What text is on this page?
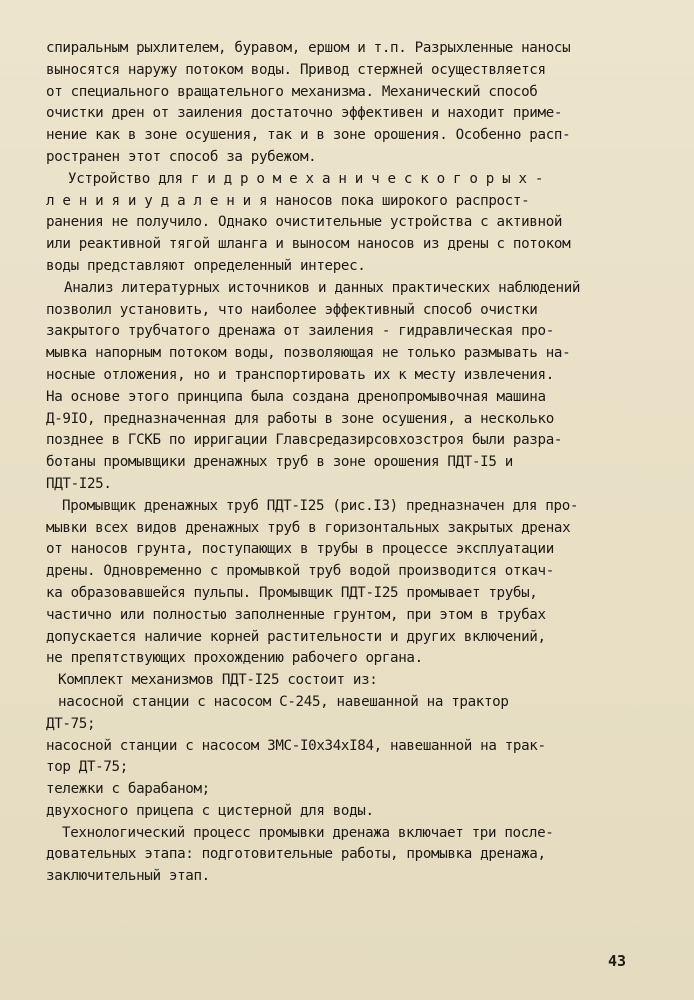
спиральным рыхлителем, буравом, ершом и т.п. Разрыхленные наносы
выносятся наружу потоком воды. Привод стержней осуществляется
от специального вращательного механизма. Механический способ
очистки дрен от заиления достаточно эффективен и находит приме-
нение как в зоне осушения, так и в зоне орошения. Особенно расп-
ространен этот способ за рубежом.
Устройство для г и д р о м е х а н и ч е с к о г о р ы х -
л е н и я и у д а л е н и я наносов пока широкого распрост-
ранения не получило. Однако очистительные устройства с активной
или реактивной тягой шланга и выносом наносов из дрены с потоком
воды представляют определенный интерес.
Анализ литературных источников и данных практических наблюдений
позволил установить, что наиболее эффективный способ очистки
закрытого трубчатого дренажа от заиления - гидравлическая про-
мывка напорным потоком воды, позволяющая не только размывать на-
носные отложения, но и транспортировать их к месту извлечения.
На основе этого принципа была создана дренопромывочная машина
Д-9IO, предназначенная для работы в зоне осушения, а несколько
позднее в ГСКБ по ирригации Главсредазирсовхозстроя были разра-
ботаны промывщики дренажных труб в зоне орошения ПДТ-I5 и
ПДТ-I25.
Промывщик дренажных труб ПДТ-I25 (рис.I3) предназначен для про-
мывки всех видов дренажных труб в горизонтальных закрытых дренах
от наносов грунта, поступающих в трубы в процессе эксплуатации
дрены. Одновременно с промывкой труб водой производится откач-
ка образовавшейся пульпы. Промывщик ПДТ-I25 промывает трубы,
частично или полностью заполненные грунтом, при этом в трубах
допускается наличие корней растительности и других включений,
не препятствующих прохождению рабочего органа.
Комплект механизмов ПДТ-I25 состоит из:
насосной станции с насосом С-245, навешанной на трактор
ДТ-75;
насосной станции с насосом ЗМС-I0х34хI84, навешанной на трак-
тор ДТ-75;
тележки с барабаном;
двухосного прицепа с цистерной для воды.
Технологический процесс промывки дренажа включает три после-
довательных этапа: подготовительные работы, промывка дренажа,
заключительный этап.
43
